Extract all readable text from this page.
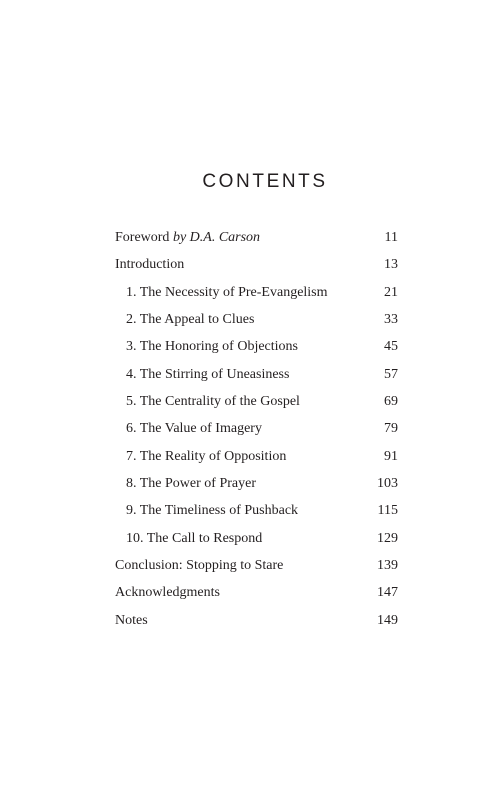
CONTENTS
Foreword by D.A. Carson	11
Introduction	13
1. The Necessity of Pre-Evangelism	21
2. The Appeal to Clues	33
3. The Honoring of Objections	45
4. The Stirring of Uneasiness	57
5. The Centrality of the Gospel	69
6. The Value of Imagery	79
7. The Reality of Opposition	91
8. The Power of Prayer	103
9. The Timeliness of Pushback	115
10. The Call to Respond	129
Conclusion: Stopping to Stare	139
Acknowledgments	147
Notes	149
